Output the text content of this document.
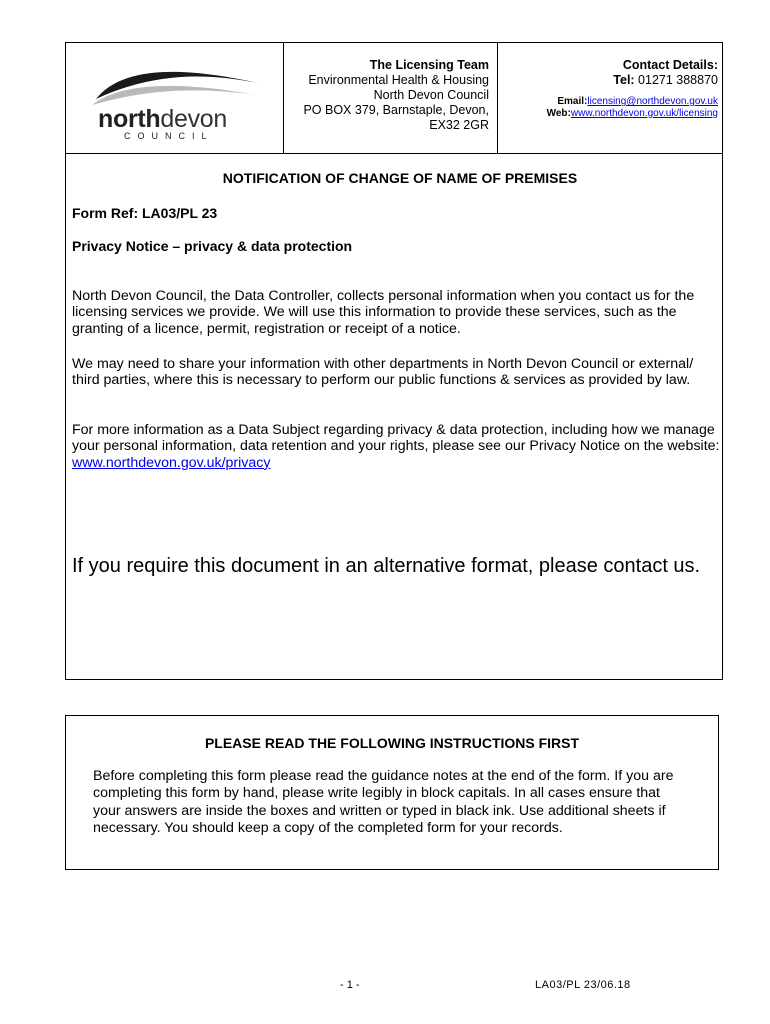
northdevon
COUNCIL
The Licensing Team
Environmental Health & Housing
North Devon Council
PO BOX 379, Barnstaple, Devon,
EX32 2GR
Contact Details:
Tel: 01271 388870
Email:licensing@northdevon.gov.uk
Web:www.northdevon.gov.uk/licensing
NOTIFICATION OF CHANGE OF NAME OF PREMISES
Form Ref: LA03/PL 23
Privacy Notice – privacy & data protection
North Devon Council, the Data Controller, collects personal information when you contact us for the licensing services we provide. We will use this information to provide these services, such as the granting of a licence, permit, registration or receipt of a notice.
We may need to share your information with other departments in North Devon Council or external/ third parties, where this is necessary to perform our public functions & services as provided by law.
For more information as a Data Subject regarding privacy & data protection, including how we manage your personal information, data retention and your rights, please see our Privacy Notice on the website: www.northdevon.gov.uk/privacy
If you require this document in an alternative format, please contact us.
PLEASE READ THE FOLLOWING INSTRUCTIONS FIRST
Before completing this form please read the guidance notes at the end of the form. If you are completing this form by hand, please write legibly in block capitals. In all cases ensure that your answers are inside the boxes and written or typed in black ink. Use additional sheets if necessary. You should keep a copy of the completed form for your records.
- 1 -	LA03/PL 23/06.18
